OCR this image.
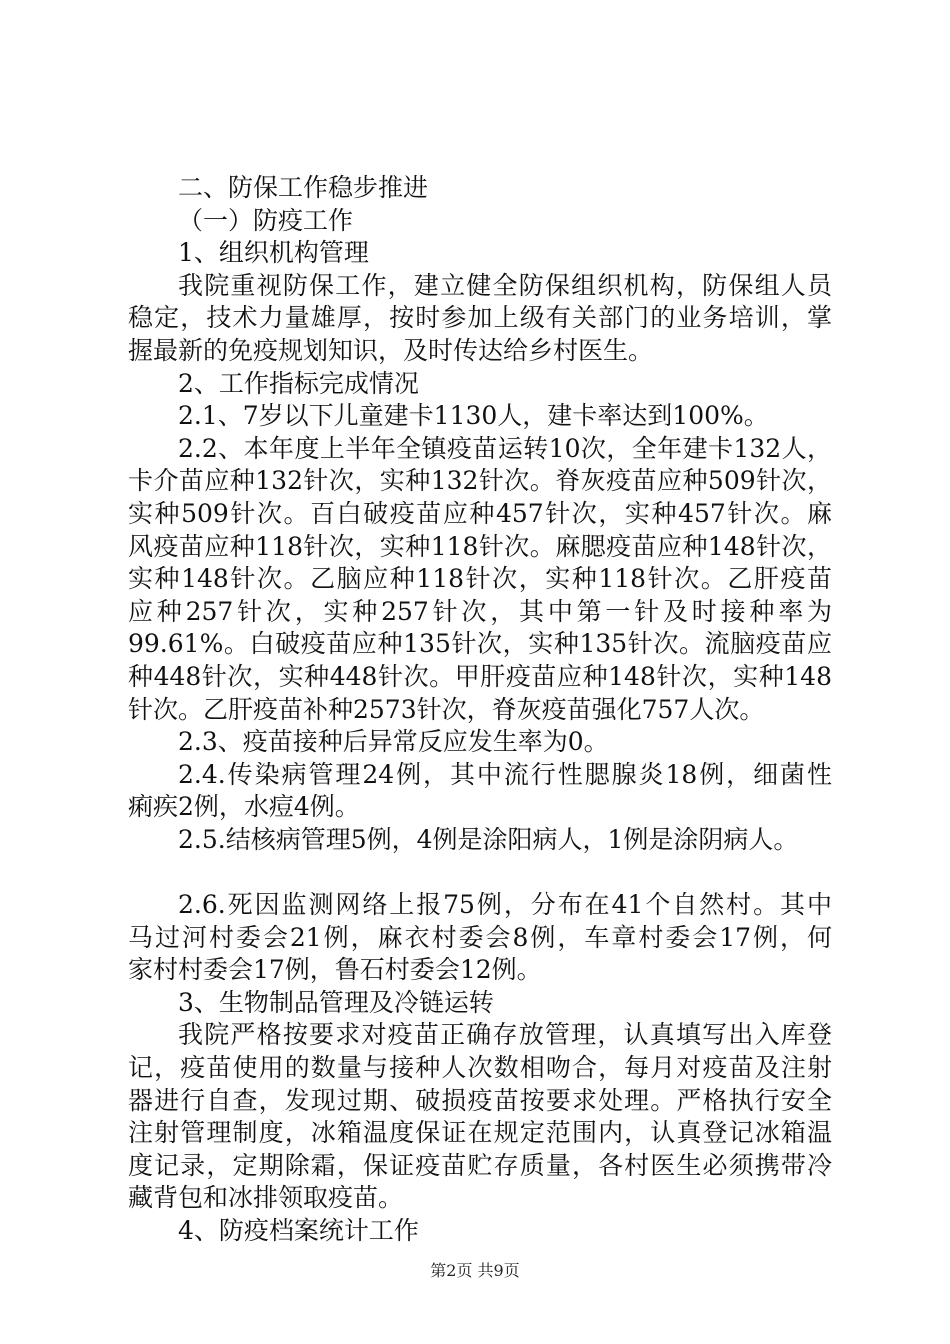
二、防保工作稳步推进
（一）防疫工作
1、组织机构管理
我院重视防保工作，建立健全防保组织机构，防保组人员
稳定，技术力量雄厚，按时参加上级有关部门的业务培训，掌
握最新的免疫规划知识，及时传达给乡村医生。
2、工作指标完成情况
2.1、7岁以下儿童建卡1130人，建卡率达到100%。
2.2、本年度上半年全镇疫苗运转10次，全年建卡132人，
卡介苗应种132针次，实种132针次。脊灰疫苗应种509针次，
实种509针次。百白破疫苗应种457针次，实种457针次。麻
风疫苗应种118针次，实种118针次。麻腮疫苗应种148针次，
实种148针次。乙脑应种118针次，实种118针次。乙肝疫苗
应种257针次，实种257针次，其中第一针及时接种率为
99.61%。白破疫苗应种135针次，实种135针次。流脑疫苗应
种448针次，实种448针次。甲肝疫苗应种148针次，实种148
针次。乙肝疫苗补种2573针次，脊灰疫苗强化757人次。
2.3、疫苗接种后异常反应发生率为0。
2.4.传染病管理24例，其中流行性腮腺炎18例，细菌性
痢疾2例，水痘4例。
2.5.结核病管理5例，4例是涂阳病人，1例是涂阴病人。
2.6.死因监测网络上报75例，分布在41个自然村。其中
马过河村委会21例，麻衣村委会8例，车章村委会17例，何
家村村委会17例，鲁石村委会12例。
3、生物制品管理及冷链运转
我院严格按要求对疫苗正确存放管理，认真填写出入库登
记，疫苗使用的数量与接种人次数相吻合，每月对疫苗及注射
器进行自查，发现过期、破损疫苗按要求处理。严格执行安全
注射管理制度，冰箱温度保证在规定范围内，认真登记冰箱温
度记录，定期除霜，保证疫苗贮存质量，各村医生必须携带冷
藏背包和冰排领取疫苗。
4、防疫档案统计工作
第2页 共9页
